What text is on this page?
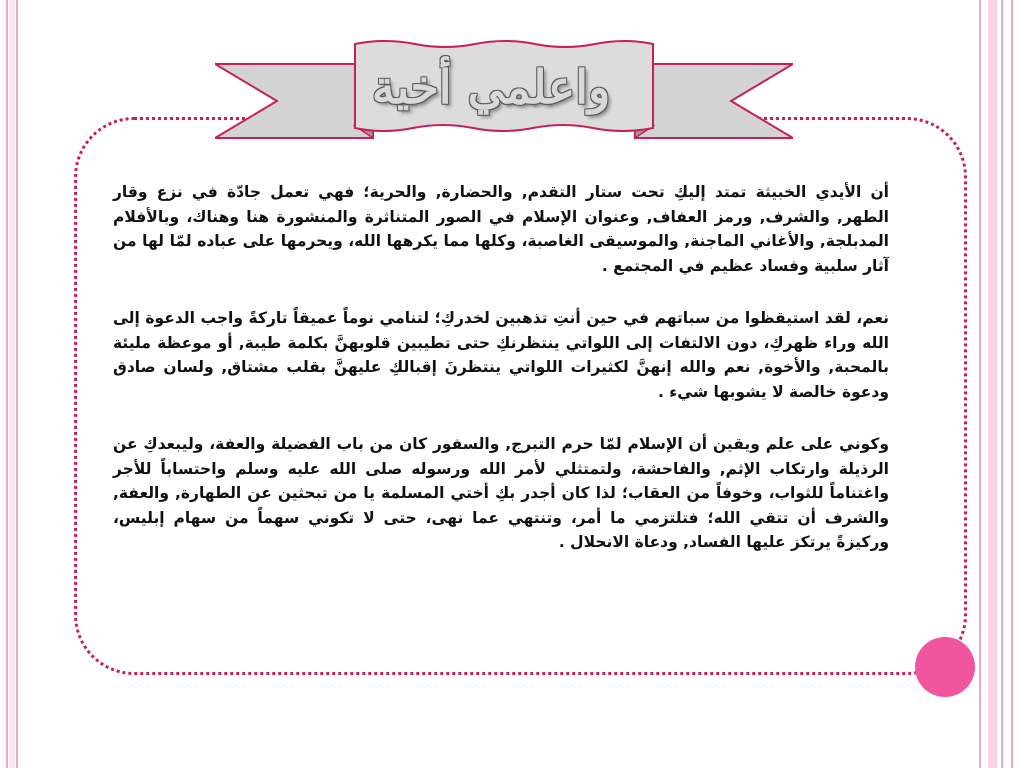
واعلمي أخية

أن الأيدي الخبيثة تمتد إليكِ تحت ستار التقدم, والحضارة, والحرية؛ فهي تعمل جادّة في نزع وقار الطهر, والشرف, ورمز العفاف, وعنوان الإسلام في الصور المتناثرة والمنشورة هنا وهناك، وبالأفلام المدبلجة, والأغاني الماجنة, والموسيقى الغاصبة، وكلها مما يكرهها الله، ويحرمها على عباده لمّا لها من آثار سلبية وفساد عظيم في المجتمع .

نعم، لقد استيقظوا من سباتهم في حين أنتِ تذهبين لخدركِ؛ لتنامي نوماً عميقاً تاركةً واجب الدعوة إلى الله وراء ظهركِ، دون الالتفات إلى اللواتي ينتظرنكِ حتى تطيبين قلوبهنَّ بكلمة طيبة, أو موعظة مليئة بالمحبة, والأخوة, نعم والله إنهنَّ لكثيرات اللواتي ينتظرنَ إقبالكِ عليهنَّ بقلب مشتاق, ولسان صادق ودعوة خالصة لا يشوبها شيء .

وكوني على علم ويقين أن الإسلام لمّا حرم التبرج, والسفور كان من باب الفضيلة والعفة، وليبعدكِ عن الرذيلة وارتكاب الإثم, والفاحشة، ولتمتثلي لأمر الله ورسوله صلى الله عليه وسلم واحتساباً للأجر واغتناماً للثواب، وخوفاً من العقاب؛ لذا كان أجدر بكِ أختي المسلمة يا من تبحثين عن الطهارة, والعفة, والشرف أن تتقي الله؛ فتلتزمي ما أمر، وتنتهي عما نهى، حتى لا تكوني سهماً من سهام إبليس، وركيزةً يرتكز عليها الفساد, ودعاة الانحلال .
